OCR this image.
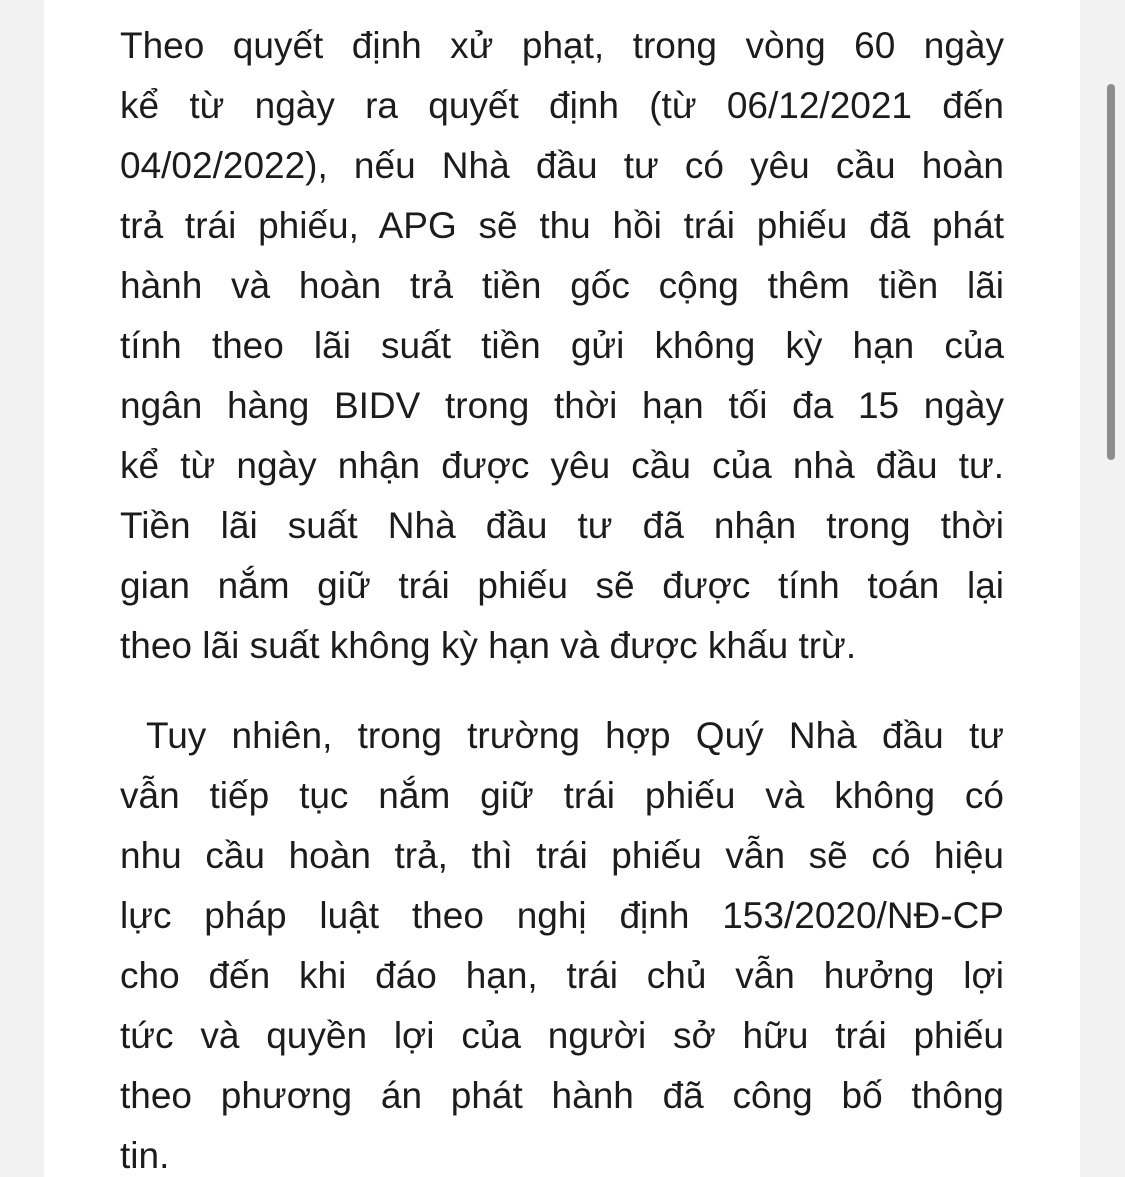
Theo quyết định xử phạt, trong vòng 60 ngày
kể từ ngày ra quyết định (từ 06/12/2021 đến
04/02/2022), nếu Nhà đầu tư có yêu cầu hoàn
trả trái phiếu, APG sẽ thu hồi trái phiếu đã phát
hành và hoàn trả tiền gốc cộng thêm tiền lãi
tính theo lãi suất tiền gửi không kỳ hạn của
ngân hàng BIDV trong thời hạn tối đa 15 ngày
kể từ ngày nhận được yêu cầu của nhà đầu tư.
Tiền lãi suất Nhà đầu tư đã nhận trong thời
gian nắm giữ trái phiếu sẽ được tính toán lại
theo lãi suất không kỳ hạn và được khấu trừ.
Tuy nhiên, trong trường hợp Quý Nhà đầu tư
vẫn tiếp tục nắm giữ trái phiếu và không có
nhu cầu hoàn trả, thì trái phiếu vẫn sẽ có hiệu
lực pháp luật theo nghị định 153/2020/NĐ-CP
cho đến khi đáo hạn, trái chủ vẫn hưởng lợi
tức và quyền lợi của người sở hữu trái phiếu
theo phương án phát hành đã công bố thông
tin.
